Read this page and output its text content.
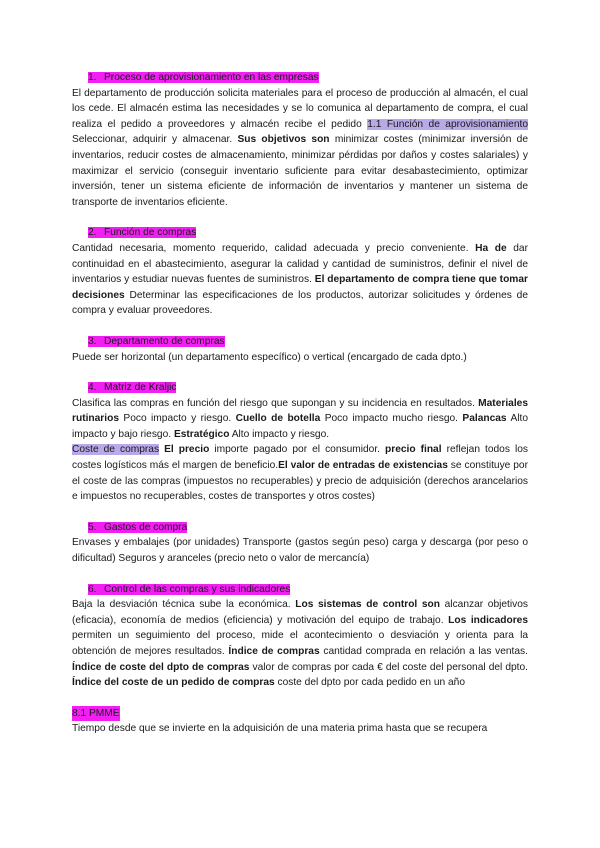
1. Proceso de aprovisionamiento en las empresas

El departamento de producción solicita materiales para el proceso de producción al almacén, el cual los cede. El almacén estima las necesidades y se lo comunica al departamento de compra, el cual realiza el pedido a proveedores y almacén recibe el pedido 1.1 Función de aprovisionamiento Seleccionar, adquirir y almacenar. Sus objetivos son minimizar costes (minimizar inversión de inventarios, reducir costes de almacenamiento, minimizar pérdidas por daños y costes salariales) y maximizar el servicio (conseguir inventario suficiente para evitar desabastecimiento, optimizar inversión, tener un sistema eficiente de información de inventarios y mantener un sistema de transporte de inventarios eficiente.

2. Función de compras

Cantidad necesaria, momento requerido, calidad adecuada y precio conveniente. Ha de dar continuidad en el abastecimiento, asegurar la calidad y cantidad de suministros, definir el nivel de inventarios y estudiar nuevas fuentes de suministros. El departamento de compra tiene que tomar decisiones Determinar las especificaciones de los productos, autorizar solicitudes y órdenes de compra y evaluar proveedores.

3. Departamento de compras

Puede ser horizontal (un departamento específico) o vertical (encargado de cada dpto.)

4. Matriz de Kraljic

Clasifica las compras en función del riesgo que supongan y su incidencia en resultados. Materiales rutinarios Poco impacto y riesgo. Cuello de botella Poco impacto mucho riesgo. Palancas Alto impacto y bajo riesgo. Estratégico Alto impacto y riesgo.

Coste de compras El precio importe pagado por el consumidor. precio final reflejan todos los costes logísticos más el margen de beneficio.El valor de entradas de existencias se constituye por el coste de las compras (impuestos no recuperables) y precio de adquisición (derechos arancelarios e impuestos no recuperables, costes de transportes y otros costes)

5. Gastos de compra

Envases y embalajes (por unidades) Transporte (gastos según peso) carga y descarga (por peso o dificultad) Seguros y aranceles (precio neto o valor de mercancía)

6. Control de las compras y sus indicadores

Baja la desviación técnica sube la económica. Los sistemas de control son alcanzar objetivos (eficacia), economía de medios (eficiencia) y motivación del equipo de trabajo. Los indicadores permiten un seguimiento del proceso, mide el acontecimiento o desviación y orienta para la obtención de mejores resultados. Índice de compras cantidad comprada en relación a las ventas. Índice de coste del dpto de compras valor de compras por cada € del coste del personal del dpto. Índice del coste de un pedido de compras coste del dpto por cada pedido en un año

8.1 PMME

Tiempo desde que se invierte en la adquisición de una materia prima hasta que se recupera
